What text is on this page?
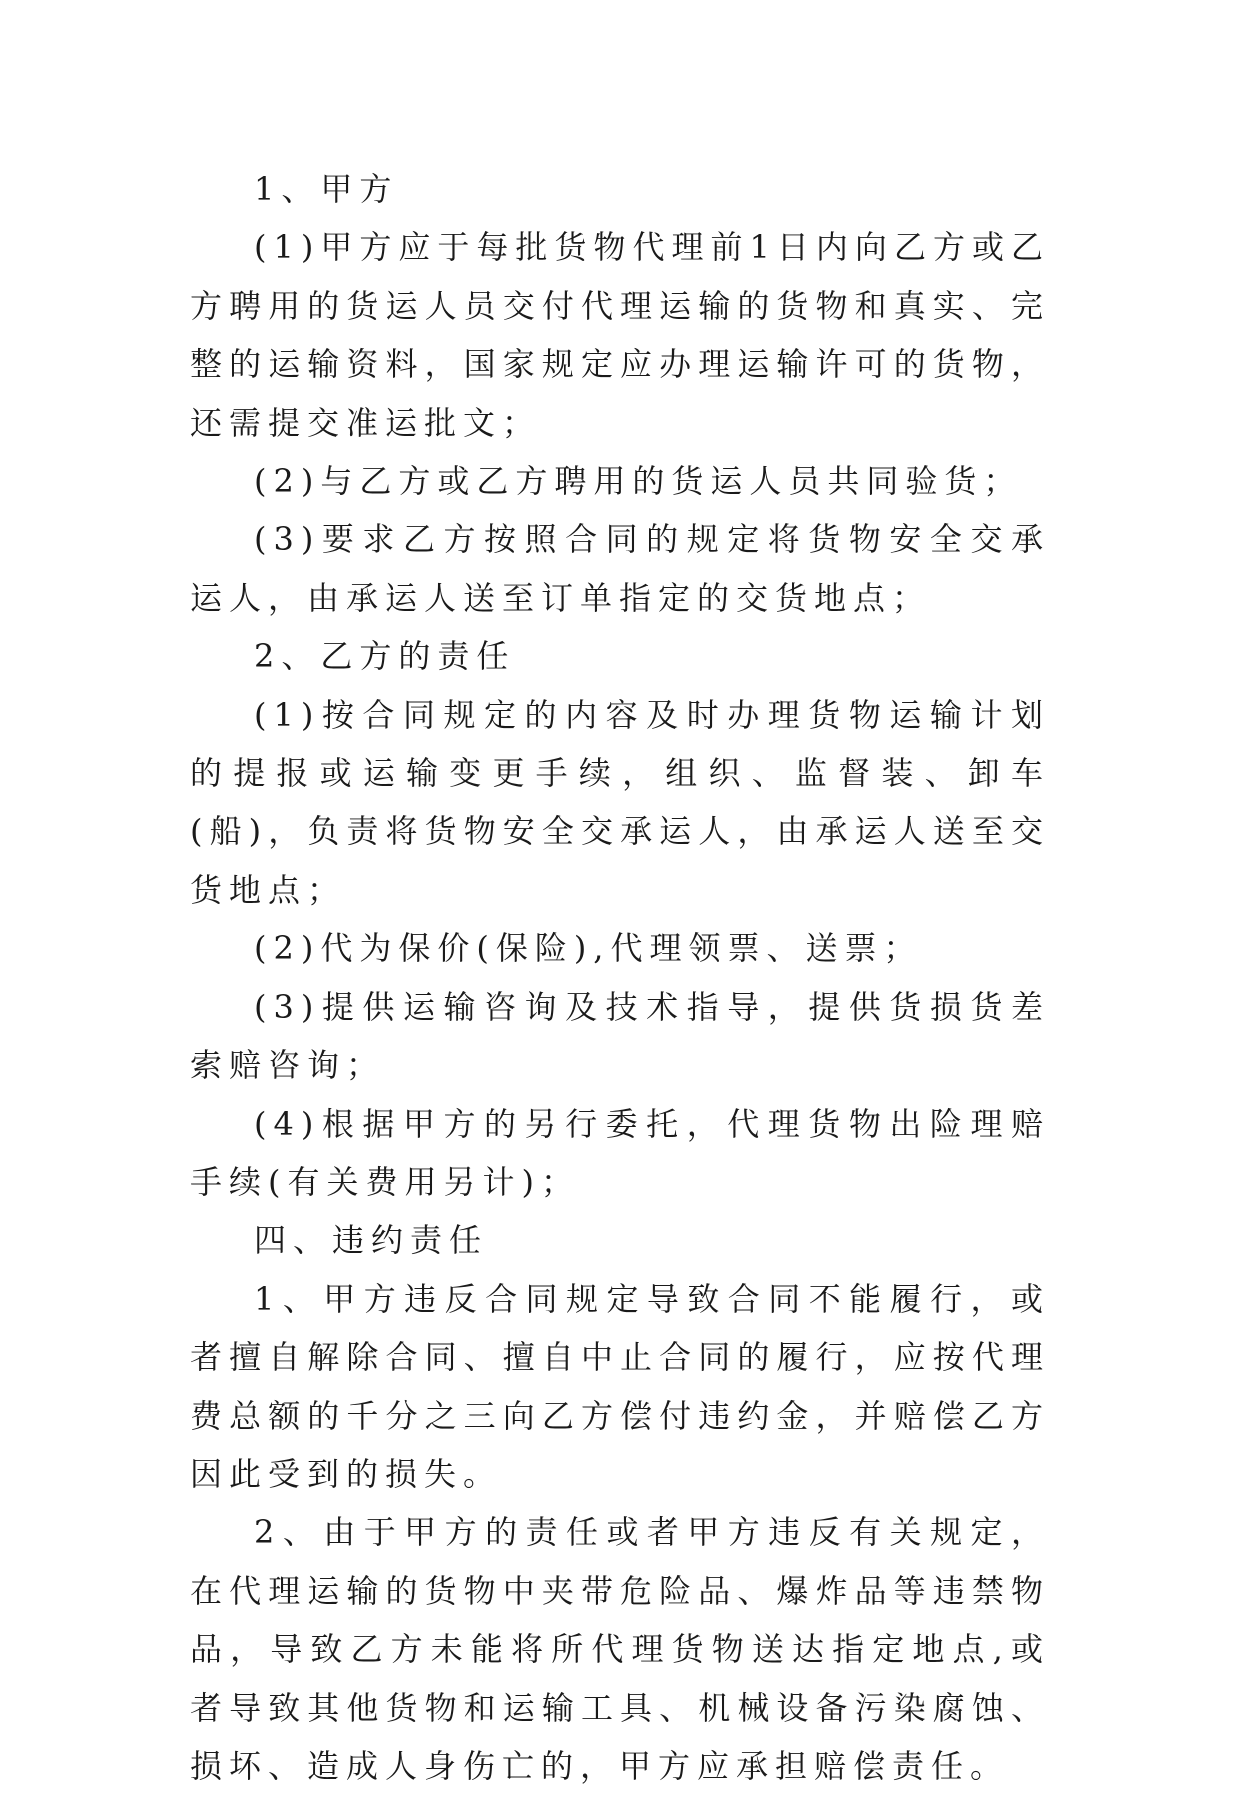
1、甲方

(1)甲方应于每批货物代理前1日内向乙方或乙方聘用的货运人员交付代理运输的货物和真实、完整的运输资料，国家规定应办理运输许可的货物，还需提交准运批文；

(2)与乙方或乙方聘用的货运人员共同验货；

(3)要求乙方按照合同的规定将货物安全交承运人，由承运人送至订单指定的交货地点；

2、乙方的责任

(1)按合同规定的内容及时办理货物运输计划的提报或运输变更手续，组织、监督装、卸车(船)，负责将货物安全交承运人，由承运人送至交货地点；

(2)代为保价(保险),代理领票、送票；

(3)提供运输咨询及技术指导，提供货损货差索赔咨询；

(4)根据甲方的另行委托，代理货物出险理赔手续(有关费用另计)；

四、违约责任

1、甲方违反合同规定导致合同不能履行，或者擅自解除合同、擅自中止合同的履行，应按代理费总额的千分之三向乙方偿付违约金，并赔偿乙方因此受到的损失。

2、由于甲方的责任或者甲方违反有关规定，在代理运输的货物中夹带危险品、爆炸品等违禁物品，导致乙方未能将所代理货物送达指定地点,或者导致其他货物和运输工具、机械设备污染腐蚀、损坏、造成人身伤亡的，甲方应承担赔偿责任。
